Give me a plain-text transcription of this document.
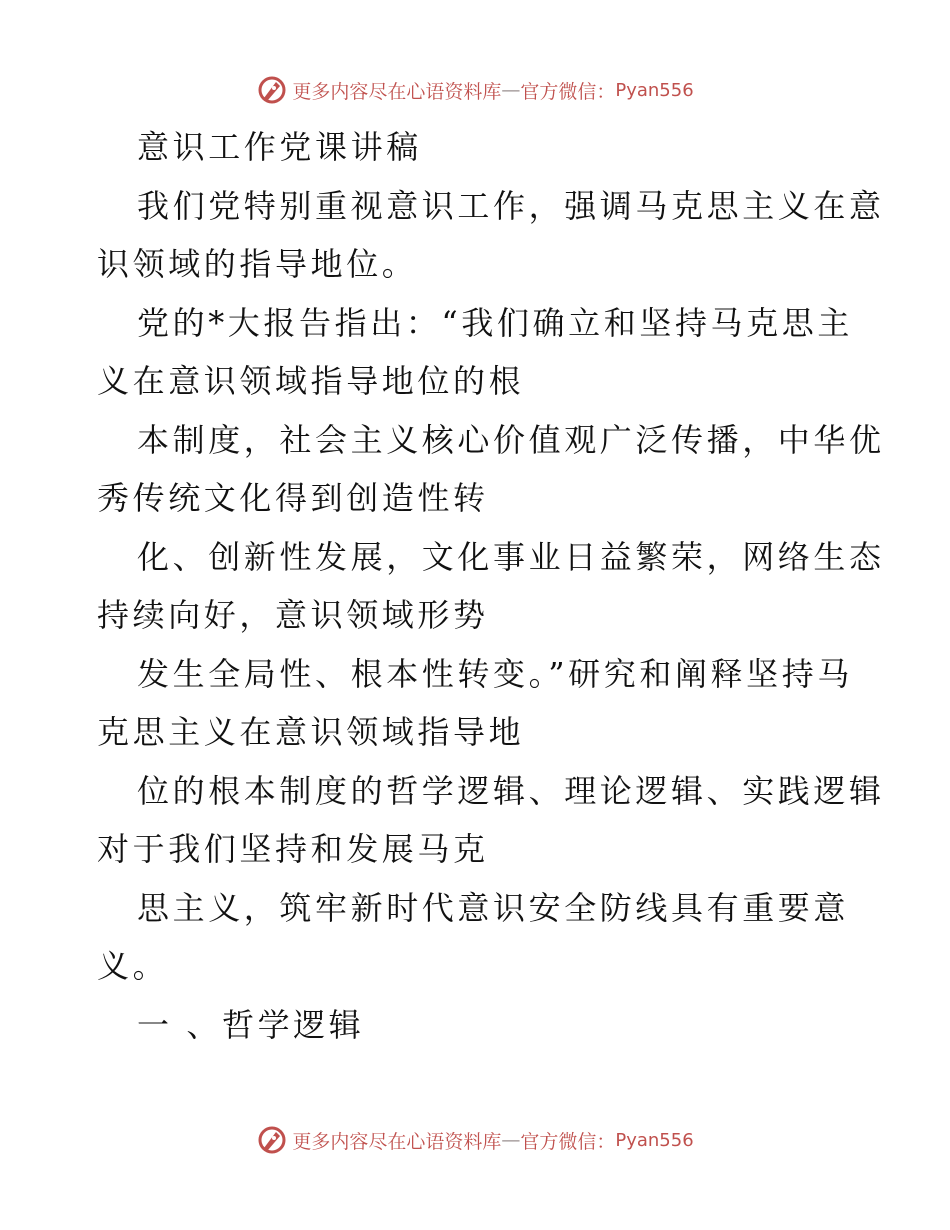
更多内容尽在心语资料库 — 官方微信： Pyan556

意识工作党课讲稿

我们党特别重视意识工作，强调马克思主义在意

识领域的指导地位。

党的*大报告指出：“我们确立和坚持马克思主

义在意识领域指导地位的根

本制度，社会主义核心价值观广泛传播，中华优

秀传统文化得到创造性转

化、创新性发展，文化事业日益繁荣，网络生态

持续向好，意识领域形势

发生全局性、根本性转变。”研究和阐释坚持马

克思主义在意识领域指导地

位的根本制度的哲学逻辑、理论逻辑、实践逻辑

对于我们坚持和发展马克

思主义，筑牢新时代意识安全防线具有重要意

义。

一 、哲学逻辑

更多内容尽在心语资料库 — 官方微信： Pyan556
